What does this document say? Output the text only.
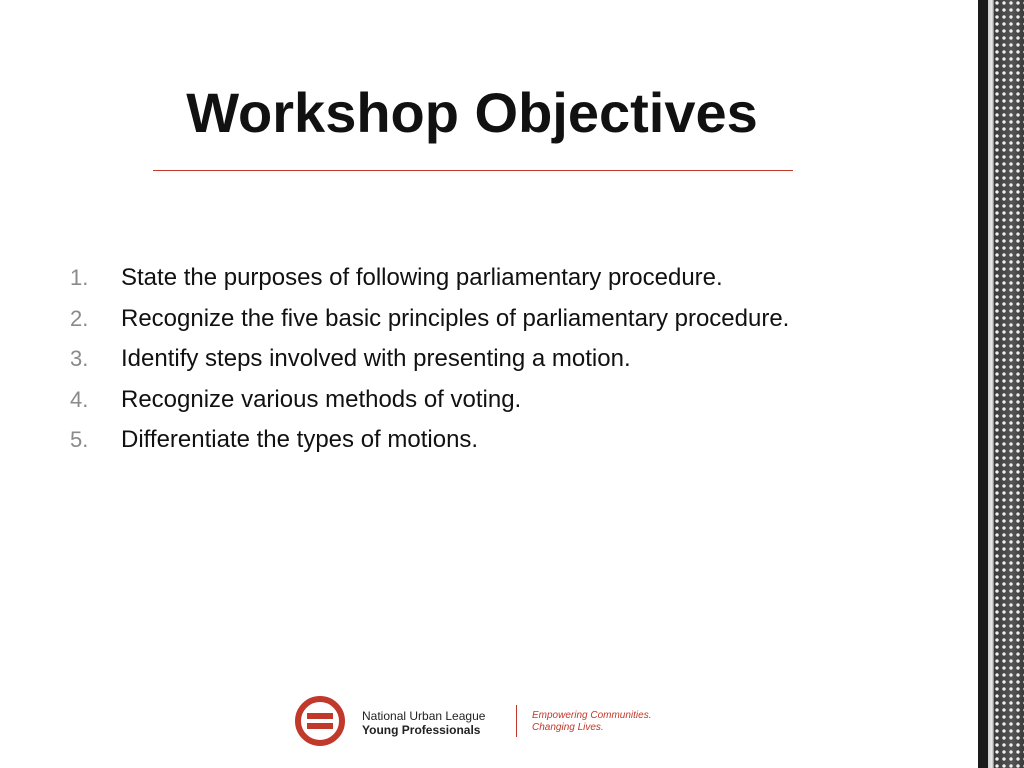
Workshop Objectives
1.	State the purposes of following parliamentary procedure.
2.	Recognize the five basic principles of parliamentary procedure.
3.	Identify steps involved with presenting a motion.
4.	Recognize various methods of voting.
5.	Differentiate the types of motions.
National Urban League
Young Professionals
Empowering Communities.
Changing Lives.
